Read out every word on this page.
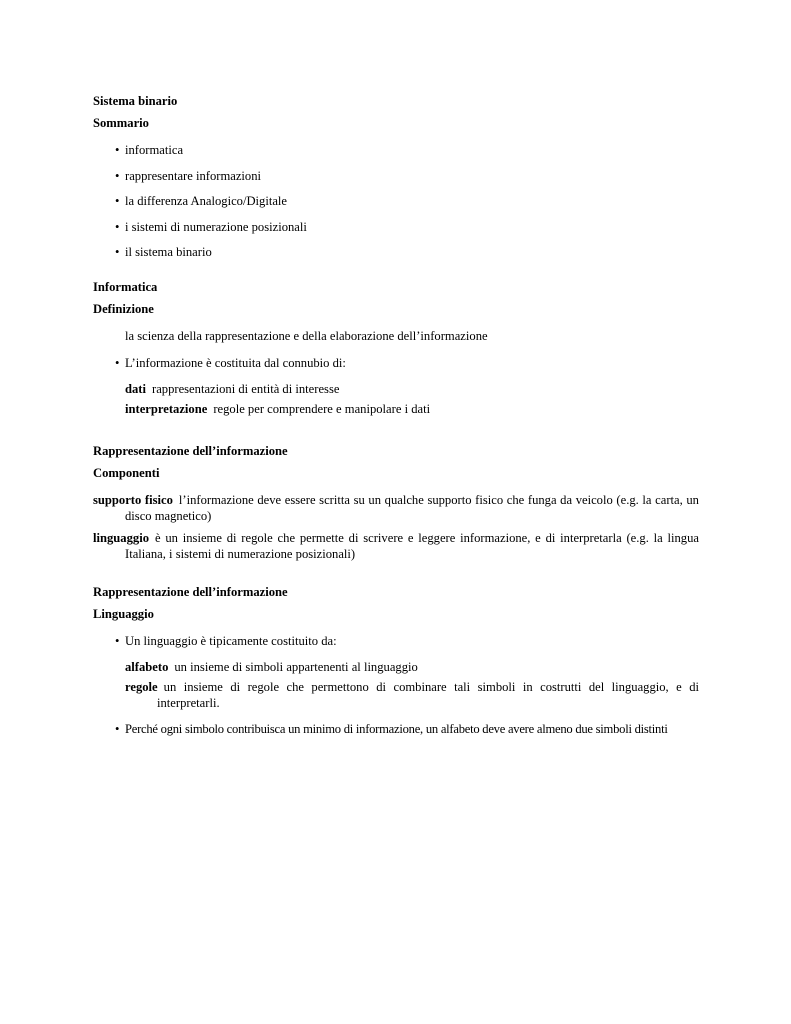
Sistema binario

Sommario

• informatica
• rappresentare informazioni
• la differenza Analogico/Digitale
• i sistemi di numerazione posizionali
• il sistema binario

Informatica

Definizione

la scienza della rappresentazione e della elaborazione dell’informazione
• L’informazione è costituita dal connubio di:
dati rappresentazioni di entità di interesse
interpretazione regole per comprendere e manipolare i dati

Rappresentazione dell’informazione

Componenti

supporto fisico l’informazione deve essere scritta su un qualche supporto fisico che funga da veicolo (e.g. la carta, un disco magnetico)
linguaggio è un insieme di regole che permette di scrivere e leggere informazione, e di interpretarla (e.g. la lingua Italiana, i sistemi di numerazione posizionali)

Rappresentazione dell’informazione

Linguaggio

• Un linguaggio è tipicamente costituito da:
alfabeto un insieme di simboli appartenenti al linguaggio
regole un insieme di regole che permettono di combinare tali simboli in costrutti del linguaggio, e di interpretarli.
• Perché ogni simbolo contribuisca un minimo di informazione, un alfabeto deve avere almeno due simboli distinti
